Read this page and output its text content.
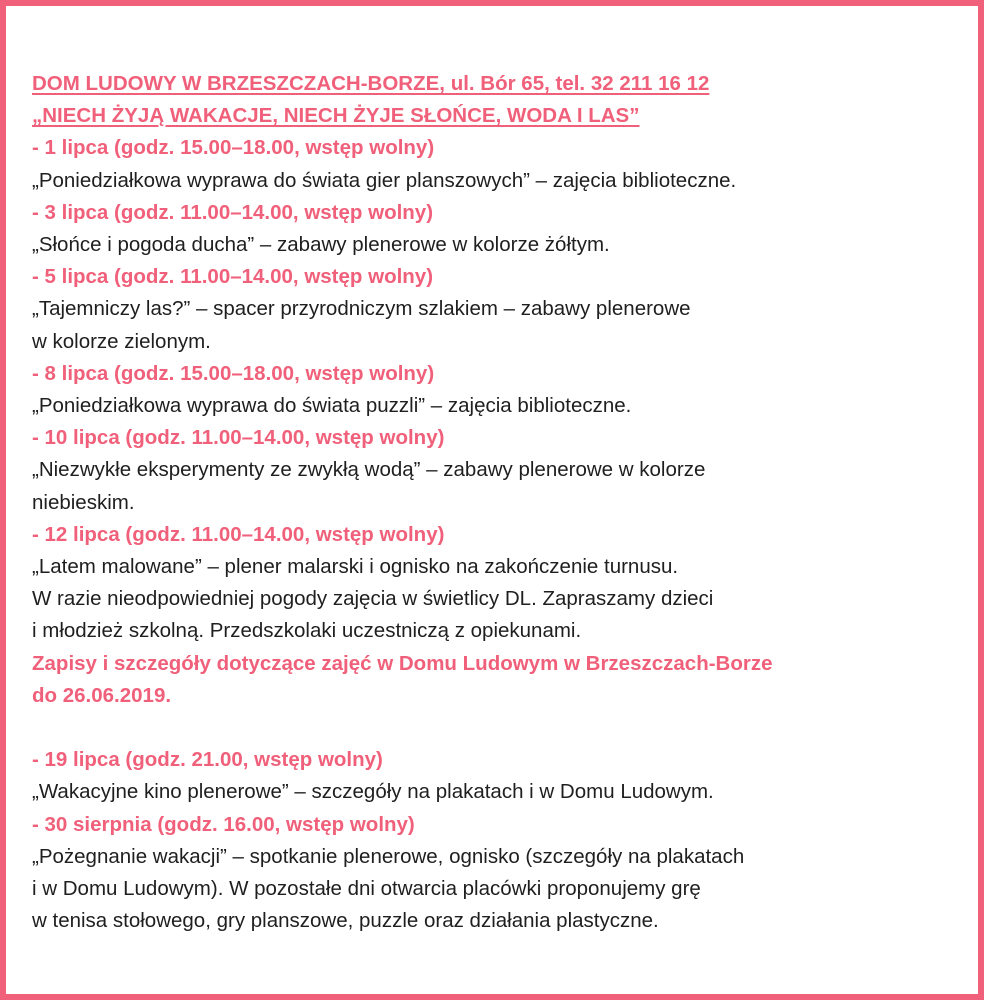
DOM LUDOWY W BRZESZCZACH-BORZE, ul. Bór 65, tel. 32 211 16 12
„NIECH ŻYJĄ WAKACJE, NIECH ŻYJE SŁOŃCE, WODA I LAS”
- 1 lipca (godz. 15.00–18.00, wstęp wolny)
„Poniedziałkowa wyprawa do świata gier planszowych” – zajęcia biblioteczne.
- 3 lipca (godz. 11.00–14.00, wstęp wolny)
„Słońce i pogoda ducha” – zabawy plenerowe w kolorze żółtym.
- 5 lipca (godz. 11.00–14.00, wstęp wolny)
„Tajemniczy las?” – spacer przyrodniczym szlakiem – zabawy plenerowe
w kolorze zielonym.
- 8 lipca (godz. 15.00–18.00, wstęp wolny)
„Poniedziałkowa wyprawa do świata puzzli” – zajęcia biblioteczne.
- 10 lipca (godz. 11.00–14.00, wstęp wolny)
„Niezwykłe eksperymenty ze zwykłą wodą” – zabawy plenerowe w kolorze
niebieskim.
- 12 lipca (godz. 11.00–14.00, wstęp wolny)
„Latem malowane” – plener malarski i ognisko na zakończenie turnusu.
W razie nieodpowiedniej pogody zajęcia w świetlicy DL. Zapraszamy dzieci
i młodzież szkolną. Przedszkolaki uczestniczą z opiekunami.
Zapisy i szczegóły dotyczące zajęć w Domu Ludowym w Brzeszczach-Borze
do 26.06.2019.
- 19 lipca (godz. 21.00, wstęp wolny)
„Wakacyjne kino plenerowe” – szczegóły na plakatach i w Domu Ludowym.
- 30 sierpnia (godz. 16.00, wstęp wolny)
„Pożegnanie wakacji” – spotkanie plenerowe, ognisko (szczegóły na plakatach
i w Domu Ludowym). W pozostałe dni otwarcia placówki proponujemy grę
w tenisa stołowego, gry planszowe, puzzle oraz działania plastyczne.
